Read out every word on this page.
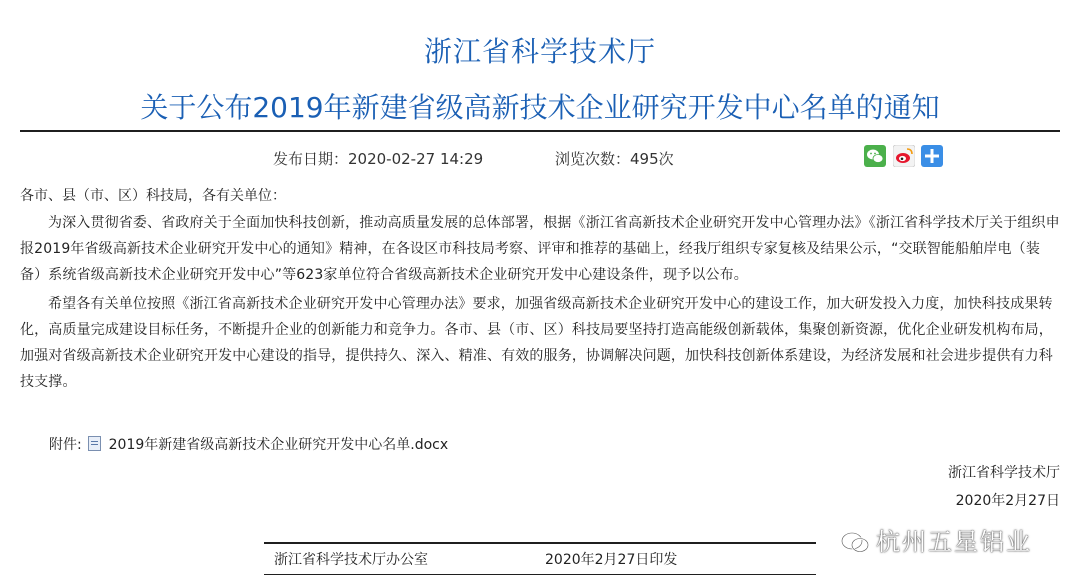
浙江省科学技术厅
关于公布2019年新建省级高新技术企业研究开发中心名单的通知
发布日期：2020-02-27 14:29	浏览次数：495次
各市、县（市、区）科技局，各有关单位：
为深入贯彻省委、省政府关于全面加快科技创新，推动高质量发展的总体部署，根据《浙江省高新技术企业研究开发中心管理办法》《浙江省科学技术厅关于组织申报2019年省级高新技术企业研究开发中心的通知》精神，在各设区市科技局考察、评审和推荐的基础上，经我厅组织专家复核及结果公示，“交联智能船舶岸电（装备）系统省级高新技术企业研究开发中心”等623家单位符合省级高新技术企业研究开发中心建设条件，现予以公布。
希望各有关单位按照《浙江省高新技术企业研究开发中心管理办法》要求，加强省级高新技术企业研究开发中心的建设工作，加大研发投入力度，加快科技成果转化，高质量完成建设目标任务，不断提升企业的创新能力和竞争力。各市、县（市、区）科技局要坚持打造高能级创新载体，集聚创新资源，优化企业研发机构布局，加强对省级高新技术企业研究开发中心建设的指导，提供持久、深入、精准、有效的服务，协调解决问题，加快科技创新体系建设，为经济发展和社会进步提供有力科技支撑。
附件: 2019年新建省级高新技术企业研究开发中心名单.docx
浙江省科学技术厅
2020年2月27日
杭州五星铝业
浙江省科学技术厅办公室	2020年2月27日印发
